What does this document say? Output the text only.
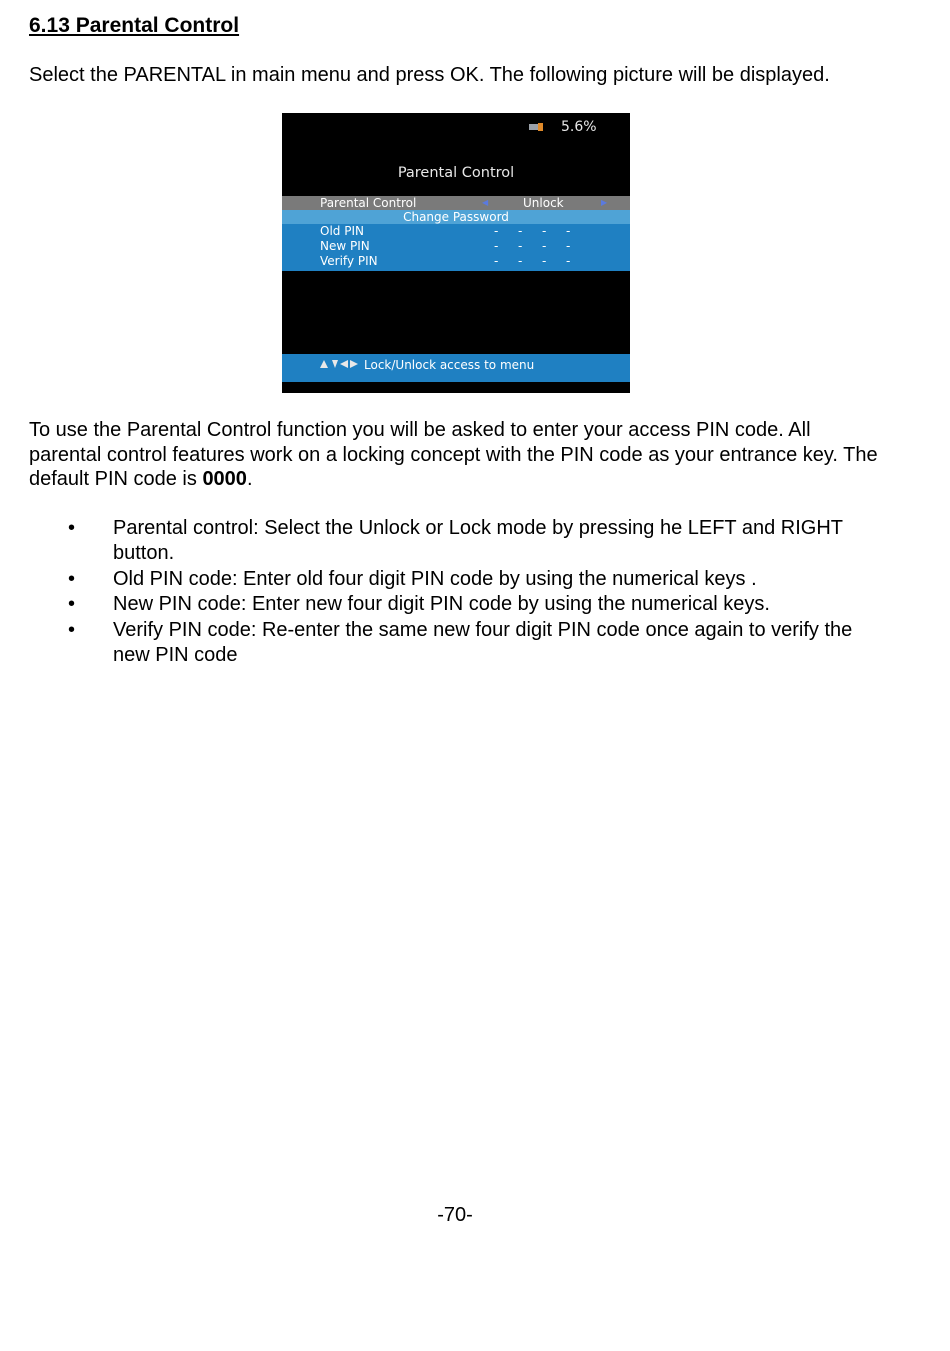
6.13 Parental Control
Select the PARENTAL in main menu and press OK. The following picture will be displayed.
5.6%
Parental Control
Parental Control	◀	Unlock	▶
Change Password
Old PIN	- - - -
New PIN	- - - -
Verify PIN	- - - -
Lock/Unlock access to menu
To use the Parental Control function you will be asked to enter your access PIN code. All parental control features work on a locking concept with the PIN code as your entrance key. The default PIN code is 0000.
• Parental control: Select the Unlock or Lock mode by pressing he LEFT and RIGHT button.
• Old PIN code: Enter old four digit PIN code by using the numerical keys .
• New PIN code: Enter new four digit PIN code by using the numerical keys.
• Verify PIN code: Re-enter the same new four digit PIN code once again to verify the new PIN code
-70-
